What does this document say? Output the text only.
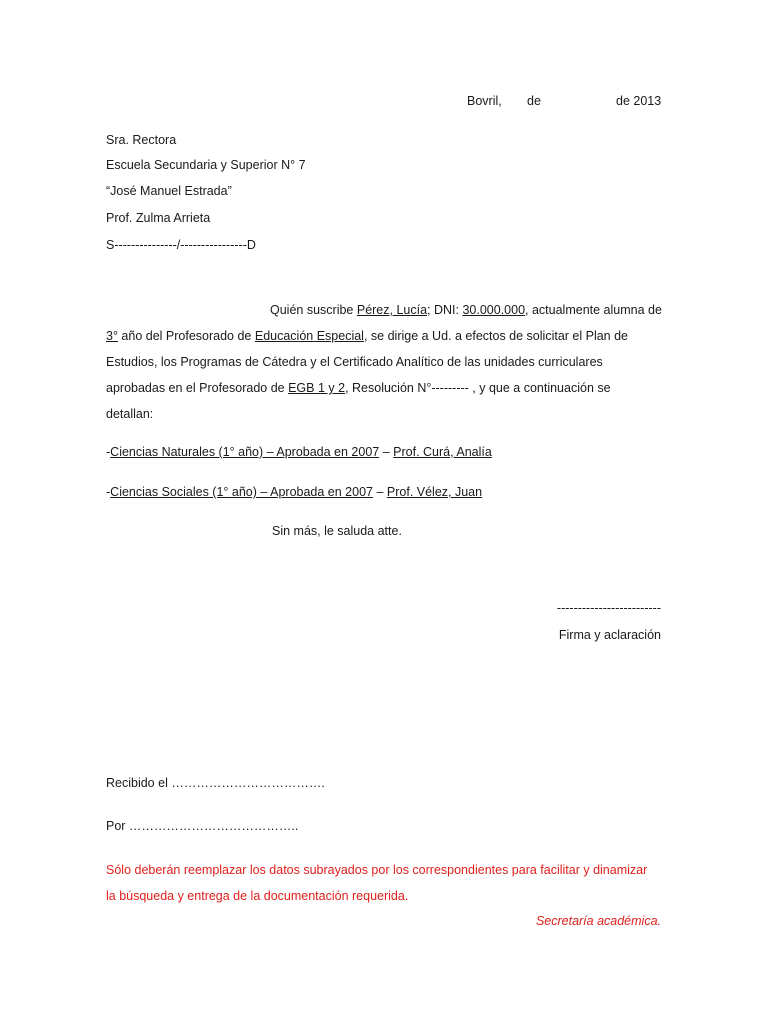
Bovril, de	de 2013
Sra. Rectora
Escuela Secundaria y Superior N° 7
“José Manuel Estrada”
Prof. Zulma Arrieta
S---------------/----------------D
Quién suscribe Pérez, Lucía; DNI: 30.000.000, actualmente alumna de
3° año del Profesorado de Educación Especial, se dirige a Ud. a efectos de solicitar el Plan de
Estudios, los Programas de Cátedra y el Certificado Analítico de las unidades curriculares
aprobadas en el Profesorado de EGB 1 y 2, Resolución N°--------- , y que a continuación se
detallan:
-Ciencias Naturales (1° año) – Aprobada en 2007 – Prof. Curá, Analía
-Ciencias Sociales (1° año) – Aprobada en 2007 – Prof. Vélez, Juan
Sin más, le saluda atte.
-------------------------
Firma y aclaración
Recibido el ……………………………….
Por …………………………………..
Sólo deberán reemplazar los datos subrayados por los correspondientes para facilitar y dinamizar
la búsqueda y entrega de la documentación requerida.
Secretaría académica.
